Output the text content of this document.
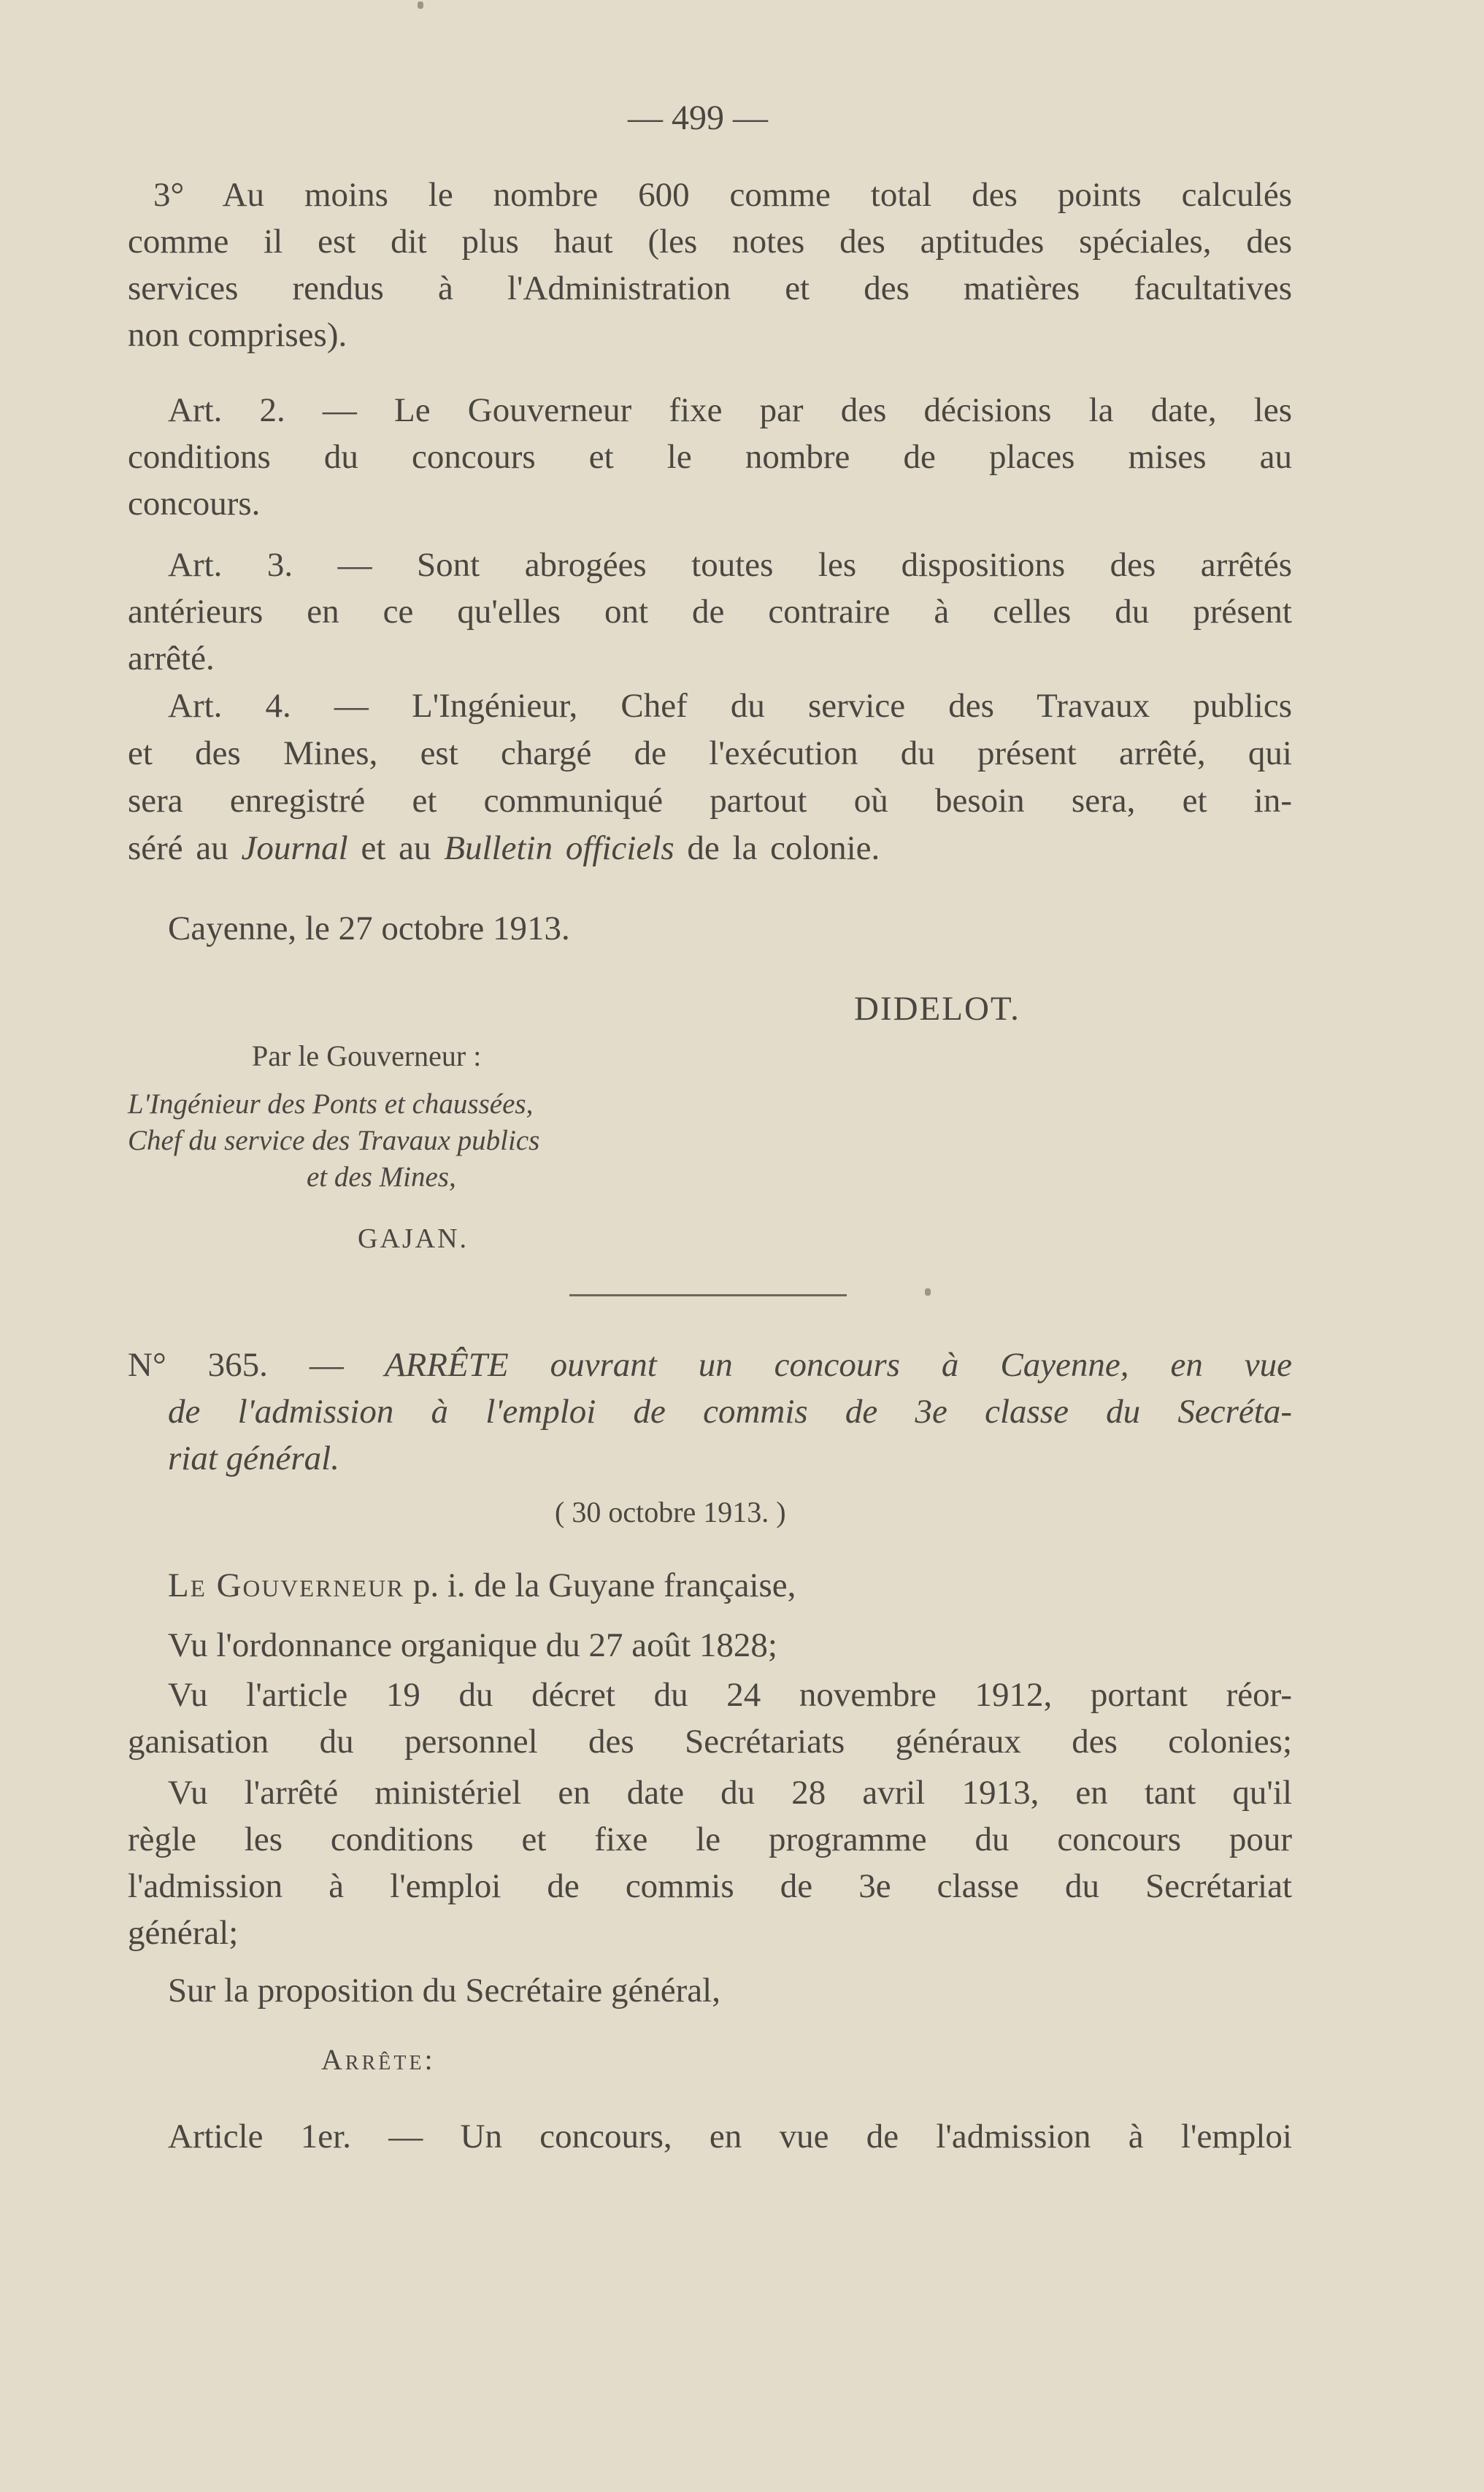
— 499 —
3° Au moins le nombre 600 comme total des points calculés
comme il est dit plus haut (les notes des aptitudes spéciales, des
services rendus à l'Administration et des matières facultatives
non comprises).
Art. 2. — Le Gouverneur fixe par des décisions la date, les
conditions du concours et le nombre de places mises au
concours.
Art. 3. — Sont abrogées toutes les dispositions des arrêtés
antérieurs en ce qu'elles ont de contraire à celles du présent
arrêté.
Art. 4. — L'Ingénieur, Chef du service des Travaux publics
et des Mines, est chargé de l'exécution du présent arrêté, qui
sera enregistré et communiqué partout où besoin sera, et in-
séré au Journal et au Bulletin officiels de la colonie.
Cayenne, le 27 octobre 1913.
DIDELOT.
Par le Gouverneur :
L'Ingénieur des Ponts et chaussées,
Chef du service des Travaux publics
et des Mines,
GAJAN.
N° 365. — ARRÊTE ouvrant un concours à Cayenne, en vue
de l'admission à l'emploi de commis de 3e classe du Secréta-
riat général.
( 30 octobre 1913. )
Le Gouverneur p. i. de la Guyane française,
Vu l'ordonnance organique du 27 août 1828;
Vu l'article 19 du décret du 24 novembre 1912, portant réor-
ganisation du personnel des Secrétariats généraux des colonies;
Vu l'arrêté ministériel en date du 28 avril 1913, en tant qu'il
règle les conditions et fixe le programme du concours pour
l'admission à l'emploi de commis de 3e classe du Secrétariat
général;
Sur la proposition du Secrétaire général,
Arrête:
Article 1er. — Un concours, en vue de l'admission à l'emploi
